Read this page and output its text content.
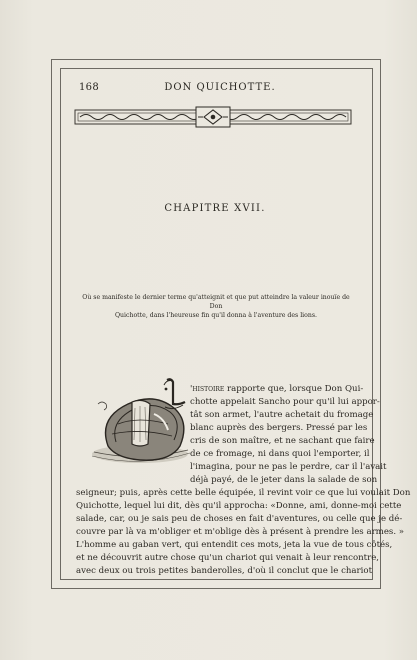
168	DON QUICHOTTE.
CHAPITRE XVII.
Où se manifeste le dernier terme qu'atteignit et que put atteindre la valeur inouïe de Don
Quichotte, dans l'heureuse fin qu'il donna à l'aventure des lions.
'histoire rapporte que, lorsque Don Qui-
chotte appelait Sancho pour qu'il lui appor-
tât son armet, l'autre achetait du fromage
blanc auprès des bergers. Pressé par les
cris de son maître, et ne sachant que faire
de ce fromage, ni dans quoi l'emporter, il
l'imagina, pour ne pas le perdre, car il l'avait
déjà payé, de le jeter dans la salade de son
seigneur; puis, après cette belle équipée, il revint voir ce que lui voulait Don
Quichotte, lequel lui dit, dès qu'il approcha: «Donne, ami, donne-moi cette
salade, car, ou je sais peu de choses en fait d'aventures, ou celle que je dé-
couvre par là va m'obliger et m'oblige dès à présent à prendre les armes. »
L'homme au gaban vert, qui entendit ces mots, jeta la vue de tous côtés,
et ne découvrit autre chose qu'un chariot qui venait à leur rencontre,
avec deux ou trois petites banderolles, d'où il conclut que le chariot
